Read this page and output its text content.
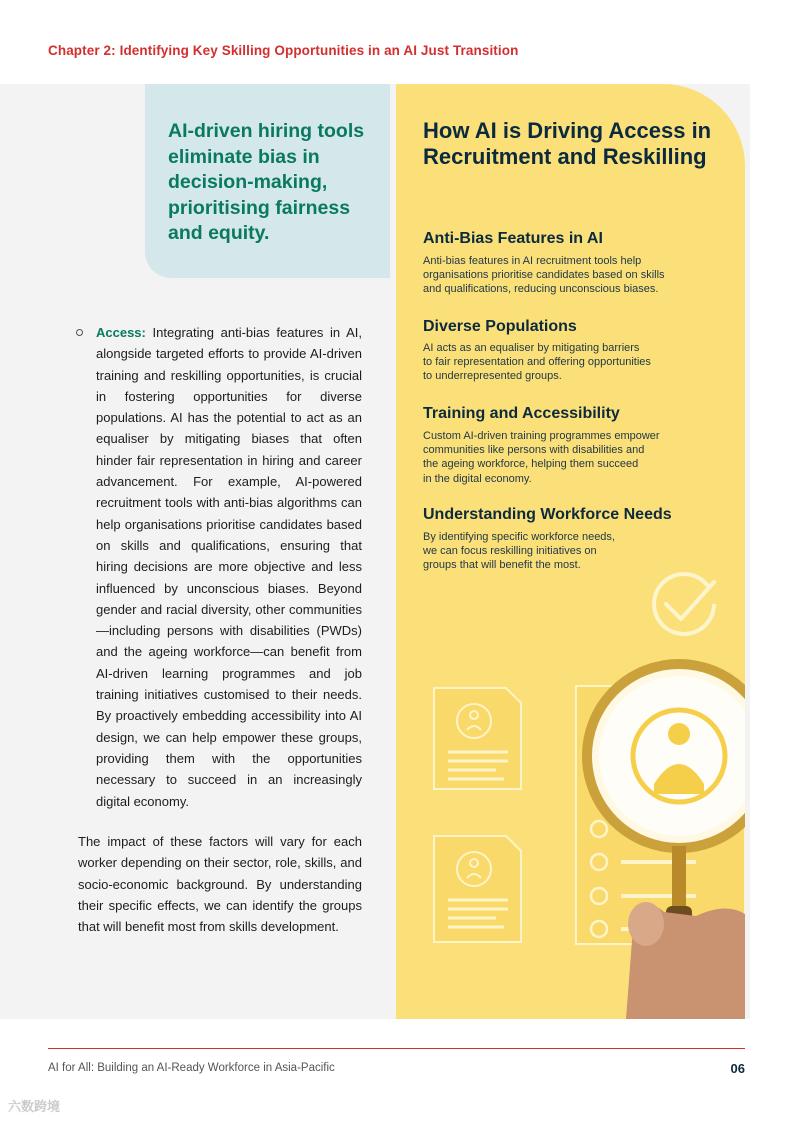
Chapter 2: Identifying Key Skilling Opportunities in an AI Just Transition
AI-driven hiring tools eliminate bias in decision-making, prioritising fairness and equity.
How AI is Driving Access in Recruitment and Reskilling
Anti-Bias Features in AI
Anti-bias features in AI recruitment tools help
organisations prioritise candidates based on skills
and qualifications, reducing unconscious biases.
Diverse Populations
AI acts as an equaliser by mitigating barriers
to fair representation and offering opportunities
to underrepresented groups.
Training and Accessibility
Custom AI-driven training programmes empower
communities like persons with disabilities and
the ageing workforce, helping them succeed
in the digital economy.
Understanding Workforce Needs
By identifying specific workforce needs,
we can focus reskilling initiatives on
groups that will benefit the most.
Access: Integrating anti-bias features in AI, alongside targeted efforts to provide AI-driven training and reskilling opportunities, is crucial in fostering opportunities for diverse populations. AI has the potential to act as an equaliser by mitigating biases that often hinder fair representation in hiring and career advancement. For example, AI-powered recruitment tools with anti-bias algorithms can help organisations prioritise candidates based on skills and qualifications, ensuring that hiring decisions are more objective and less influenced by unconscious biases. Beyond gender and racial diversity, other communities—including persons with disabilities (PWDs) and the ageing workforce—can benefit from AI-driven learning programmes and job training initiatives customised to their needs. By proactively embedding accessibility into AI design, we can help empower these groups, providing them with the opportunities necessary to succeed in an increasingly digital economy.
The impact of these factors will vary for each worker depending on their sector, role, skills, and socio-economic background. By understanding their specific effects, we can identify the groups that will benefit most from skills development.
AI for All: Building an AI-Ready Workforce in Asia-Pacific	06
六数跨境
